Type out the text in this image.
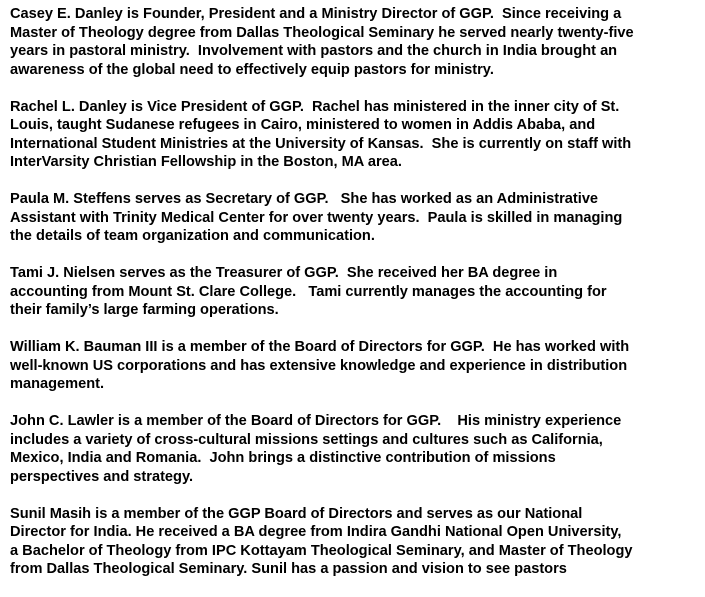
Casey E. Danley is Founder, President and a Ministry Director of GGP.  Since receiving a
Master of Theology degree from Dallas Theological Seminary he served nearly twenty-five
years in pastoral ministry.  Involvement with pastors and the church in India brought an
awareness of the global need to effectively equip pastors for ministry.

Rachel L. Danley is Vice President of GGP.  Rachel has ministered in the inner city of St.
Louis, taught Sudanese refugees in Cairo, ministered to women in Addis Ababa, and
International Student Ministries at the University of Kansas.  She is currently on staff with
InterVarsity Christian Fellowship in the Boston, MA area.

Paula M. Steffens serves as Secretary of GGP.   She has worked as an Administrative
Assistant with Trinity Medical Center for over twenty years.  Paula is skilled in managing
the details of team organization and communication.

Tami J. Nielsen serves as the Treasurer of GGP.  She received her BA degree in
accounting from Mount St. Clare College.   Tami currently manages the accounting for
their family’s large farming operations.

William K. Bauman III is a member of the Board of Directors for GGP.  He has worked with
well-known US corporations and has extensive knowledge and experience in distribution
management.

John C. Lawler is a member of the Board of Directors for GGP.    His ministry experience
includes a variety of cross-cultural missions settings and cultures such as California,
Mexico, India and Romania.  John brings a distinctive contribution of missions
perspectives and strategy.

Sunil Masih is a member of the GGP Board of Directors and serves as our National
Director for India. He received a BA degree from Indira Gandhi National Open University,
a Bachelor of Theology from IPC Kottayam Theological Seminary, and Master of Theology
from Dallas Theological Seminary. Sunil has a passion and vision to see pastors
